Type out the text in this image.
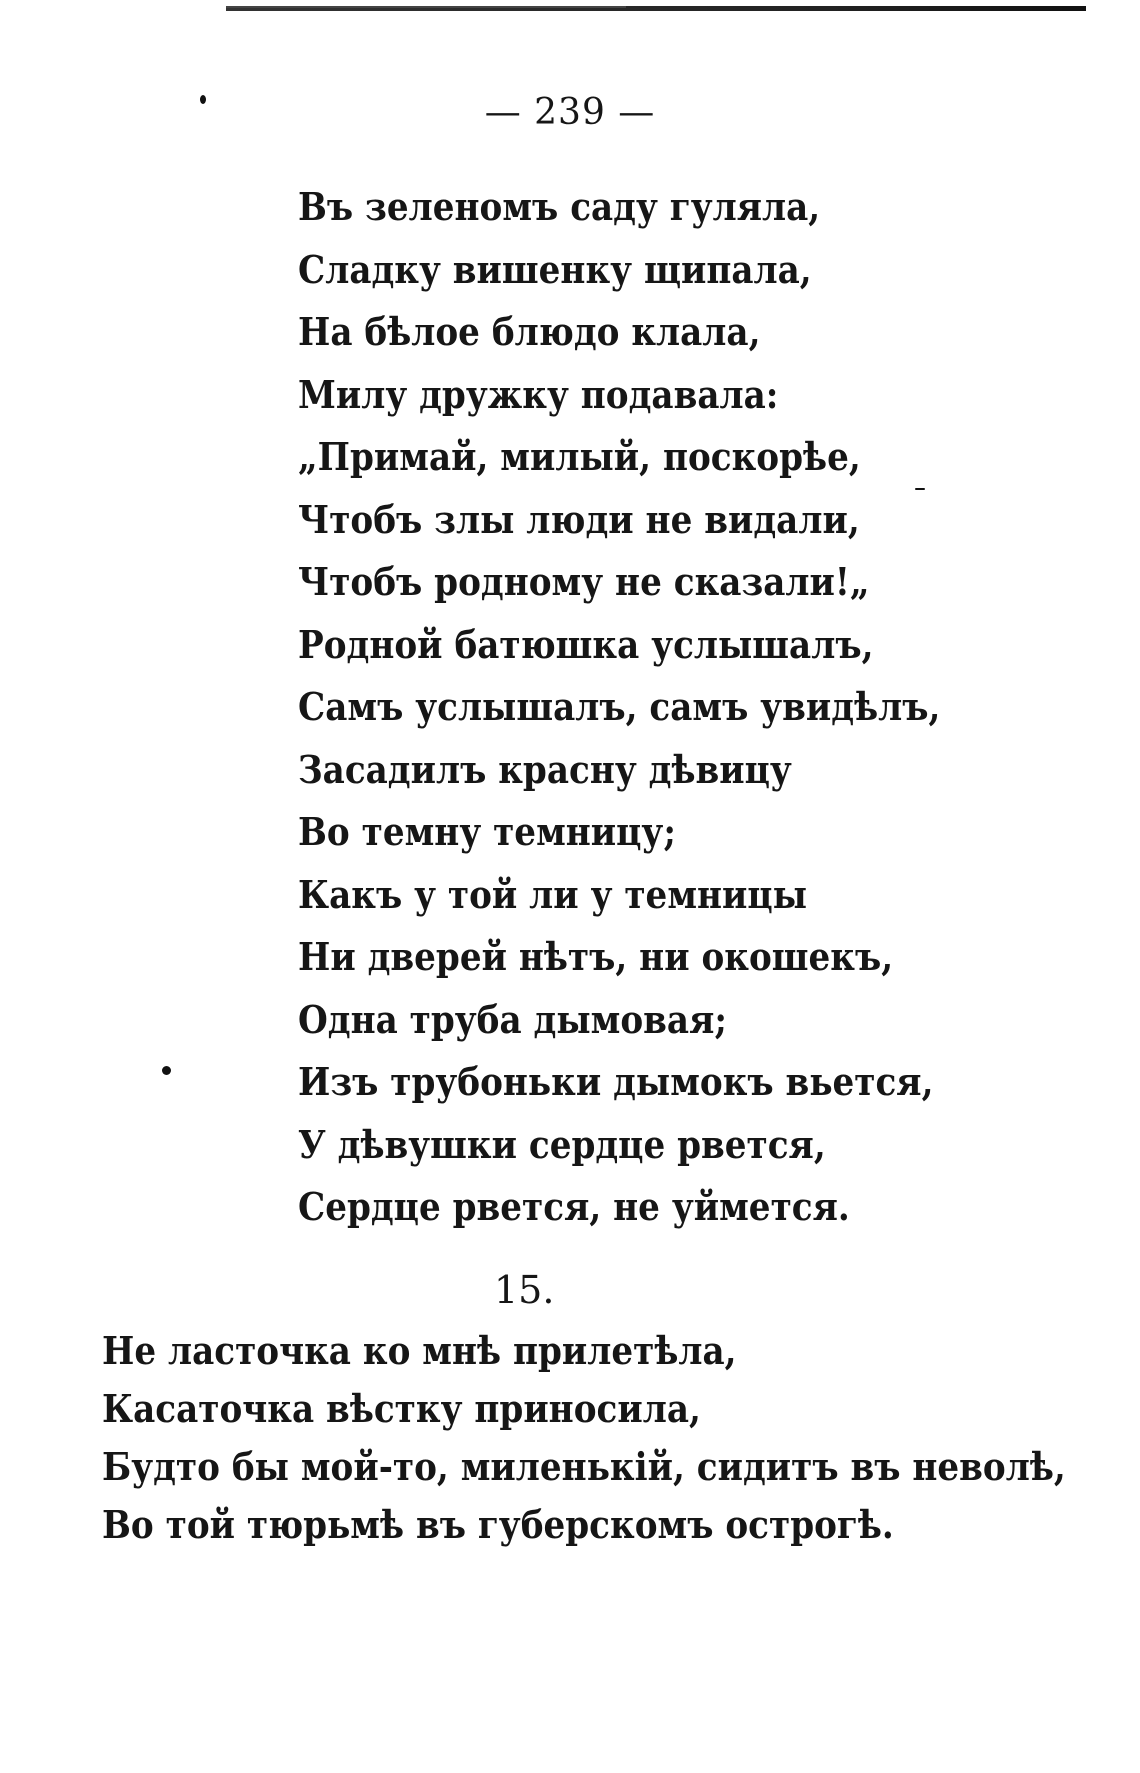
— 239 —
Въ зеленомъ саду гуляла,
Сладку вишенку щипала,
На бѣлое блюдо клала,
Милу дружку подавала:
„Примай, милый, поскорѣе,
Чтобъ злы люди не видали,
Чтобъ родному не сказали!„
Родной батюшка услышалъ,
Самъ услышалъ, самъ увидѣлъ,
Засадилъ красну дѣвицу
Во темну темницу;
Какъ у той ли у темницы
Ни дверей нѣтъ, ни окошекъ,
Одна труба дымовая;
Изъ трубоньки дымокъ вьется,
У дѣвушки сердце рвется,
Сердце рвется, не уймется.
15.
Не ласточка ко мнѣ прилетѣла,
Касаточка вѣстку приносила,
Будто бы мой-то, миленькій, сидитъ въ неволѣ,
Во той тюрьмѣ въ губерскомъ острогѣ.
